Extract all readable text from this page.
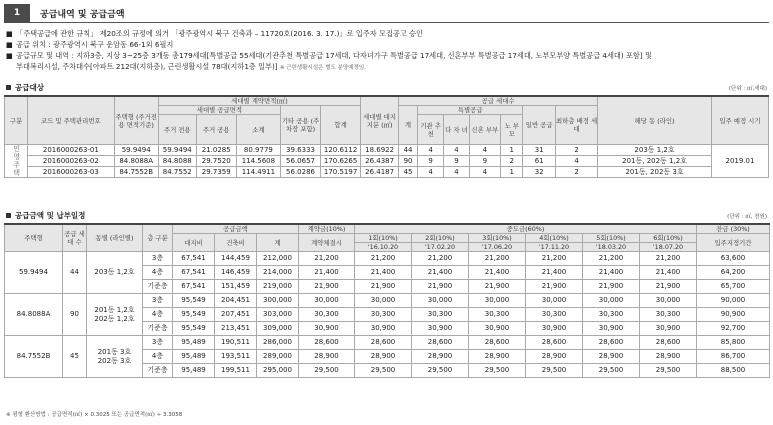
1	공급내역 및 공급금액
■ 「주택공급에 관한 규칙」 제20조의 규정에 의거 「광주광역시 북구 건축과 – 11720호(2016. 3. 17.)」로 입주자 모집공고 승인
■ 공급 위치 : 광주광역시 북구 운암동 66-1외 6필지
■ 공급규모 및 내역 : 지하3층, 지상 3~25층 3개동 총179세대[특별공급 55세대(기관추천 특별공급 17세대, 다자녀가구 특별공급 17세대, 신혼부부 특별공급 17세대, 노부모부양 특별공급 4세대) 포함] 및
부대복리시설, 주차대수[아파트 212대(지하층), 근린생활시설 78대(지하1층 일부)] ※ 근린생활시설은 별도 분양예정임.
공급대상	(단위 : ㎡,세대)
구분	코드 및 주택관리번호	주택형 (주거전용 면적기준)	세대별 계약면적(㎡)					세대별 대지 지분 (㎡)	공급 세대수							해당 동 (라인)	입주 예정 시기
			세대별 공급면적			기타 공용 (주차장 포함)	합계		계	특별공급				일반 공급	최하층 배정 세대		
			주거 전용	주거 공용	소계					기관 추천	다 자 녀	신혼 부부	노 부 모				
민영주택	2016000263-01	59.9494	59.9494	21.0285	80.9779	39.6333	120.6112	18.6922	44	4	4	4	1	31	2	203동 1,2호	2019.01
	2016000263-02	84.8088A	84.8088	29.7520	114.5608	56.0657	170.6265	26.4387	90	9	9	9	2	61	4	201동, 202동 1,2호	
	2016000263-03	84.7552B	84.7552	29.7359	114.4911	56.0286	170.5197	26.4187	45	4	4	4	1	32	2	201동, 202동 3호	
공급금액 및 납부일정	(단위 : ㎡, 천원)
주택형	공급 세대 수	동별 (라인별)	층 구분	공급금액			계약금(10%)	중도금(60%)						잔금 (30%)
				대지비	건축비	계	계약체결시	1회(10%)	2회(10%)	3회(10%)	4회(10%)	5회(10%)	6회(10%)	입주지정기간
								'16.10.20	'17.02.20	'17.06.20	'17.11.20	'18.03.20	'18.07.20	
59.9494	44	203동 1,2호	3층	67,541	144,459	212,000	21,200	21,200	21,200	21,200	21,200	21,200	21,200	63,600
			4층	67,541	146,459	214,000	21,400	21,400	21,400	21,400	21,400	21,400	21,400	64,200
			기준층	67,541	151,459	219,000	21,900	21,900	21,900	21,900	21,900	21,900	21,900	65,700
84.8088A	90	201동 1,2호
202동 1,2호	3층	95,549	204,451	300,000	30,000	30,000	30,000	30,000	30,000	30,000	30,000	90,000
			4층	95,549	207,451	303,000	30,300	30,300	30,300	30,300	30,300	30,300	30,300	90,900
			기준층	95,549	213,451	309,000	30,900	30,900	30,900	30,900	30,900	30,900	30,900	92,700
84.7552B	45	201동 3호
202동 3호	3층	95,489	190,511	286,000	28,600	28,600	28,600	28,600	28,600	28,600	28,600	85,800
			4층	95,489	193,511	289,000	28,900	28,900	28,900	28,900	28,900	28,900	28,900	86,700
			기준층	95,489	199,511	295,000	29,500	29,500	29,500	29,500	29,500	29,500	29,500	88,500
※ 평형 환산방법 : 공급면적(㎡) × 0.3025 또는 공급면적(㎡) ÷ 3.3058
